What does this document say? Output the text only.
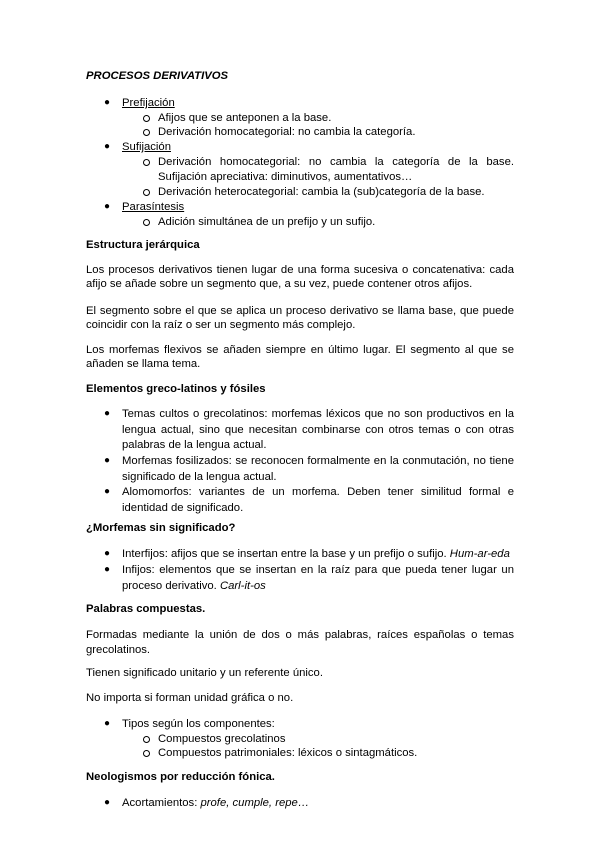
PROCESOS DERIVATIVOS
● Prefijación
Afijos que se anteponen a la base.
Derivación homocategorial: no cambia la categoría.
● Sufijación
Derivación homocategorial: no cambia la categoría de la base.
Sufijación apreciativa: diminutivos, aumentativos…
Derivación heterocategorial: cambia la (sub)categoría de la base.
● Parasíntesis
Adición simultánea de un prefijo y un sufijo.
Estructura jerárquica
Los procesos derivativos tienen lugar de una forma sucesiva o concatenativa: cada afijo se añade sobre un segmento que, a su vez, puede contener otros afijos.
El segmento sobre el que se aplica un proceso derivativo se llama base, que puede coincidir con la raíz o ser un segmento más complejo.
Los morfemas flexivos se añaden siempre en último lugar. El segmento al que se añaden se llama tema.
Elementos greco-latinos y fósiles
● Temas cultos o grecolatinos: morfemas léxicos que no son productivos en la lengua actual, sino que necesitan combinarse con otros temas o con otras palabras de la lengua actual.
● Morfemas fosilizados: se reconocen formalmente en la conmutación, no tiene significado de la lengua actual.
● Alomomorfos: variantes de un morfema. Deben tener similitud formal e identidad de significado.
¿Morfemas sin significado?
● Interfijos: afijos que se insertan entre la base y un prefijo o sufijo. Hum-ar-eda
● Infijos: elementos que se insertan en la raíz para que pueda tener lugar un proceso derivativo. Carl-it-os
Palabras compuestas.
Formadas mediante la unión de dos o más palabras, raíces españolas o temas grecolatinos.
Tienen significado unitario y un referente único.
No importa si forman unidad gráfica o no.
● Tipos según los componentes:
Compuestos grecolatinos
Compuestos patrimoniales: léxicos o sintagmáticos.
Neologismos por reducción fónica.
● Acortamientos: profe, cumple, repe…
